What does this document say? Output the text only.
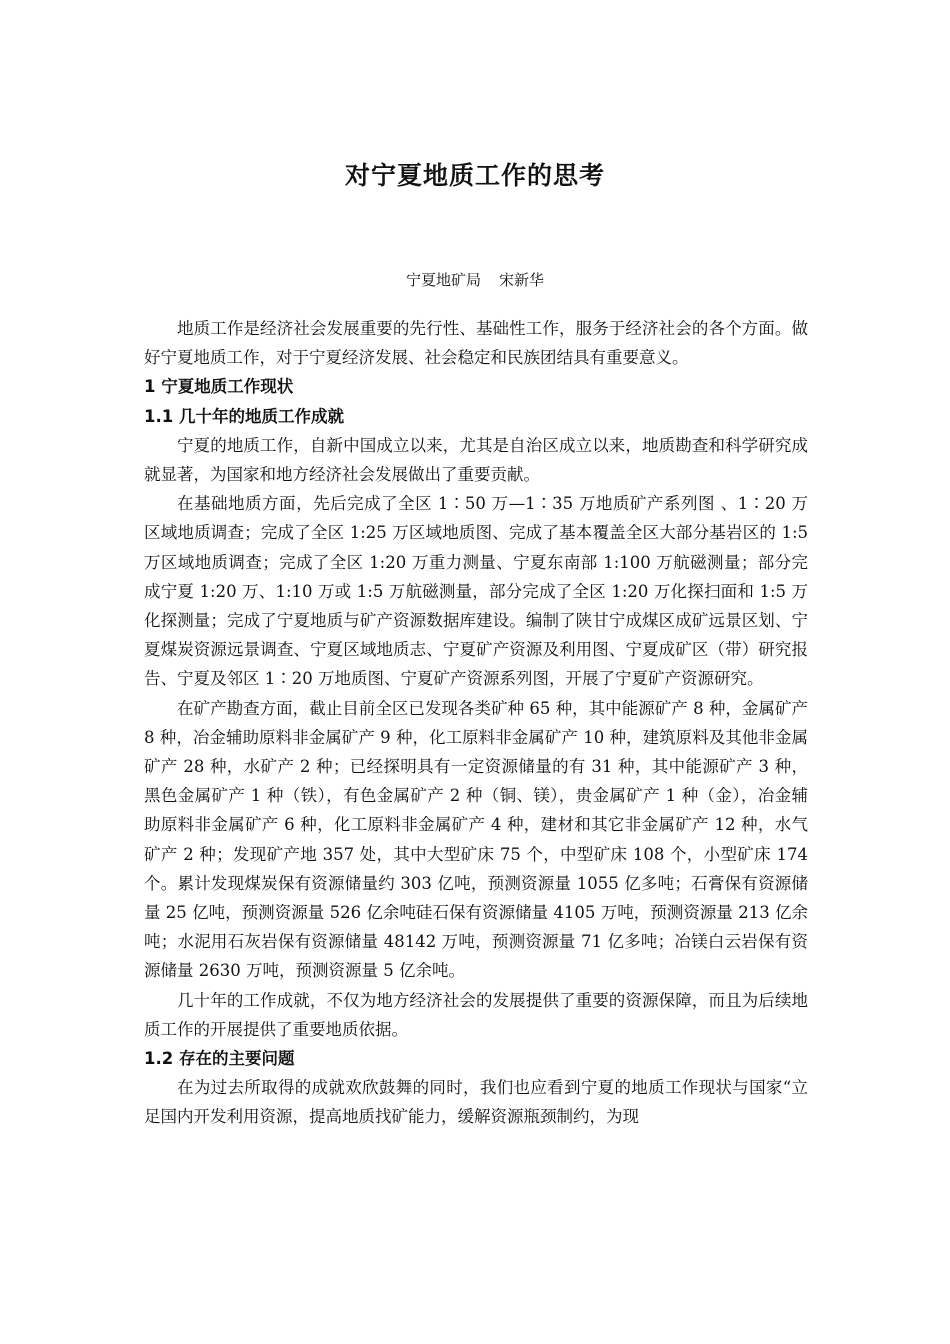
对宁夏地质工作的思考
宁夏地矿局 宋新华

地质工作是经济社会发展重要的先行性、基础性工作，服务于经济社会的各个方面。做好宁夏地质工作，对于宁夏经济发展、社会稳定和民族团结具有重要意义。

1 宁夏地质工作现状
1.1 几十年的地质工作成就

宁夏的地质工作，自新中国成立以来，尤其是自治区成立以来，地质勘查和科学研究成就显著，为国家和地方经济社会发展做出了重要贡献。

在基础地质方面，先后完成了全区 1∶50 万—1∶35 万地质矿产系列图 、1∶20 万区域地质调查；完成了全区 1:25 万区域地质图、完成了基本覆盖全区大部分基岩区的 1:5 万区域地质调查；完成了全区 1:20 万重力测量、宁夏东南部 1:100 万航磁测量；部分完成宁夏 1:20 万、1:10 万或 1:5 万航磁测量，部分完成了全区 1:20 万化探扫面和 1:5 万化探测量；完成了宁夏地质与矿产资源数据库建设。编制了陕甘宁成煤区成矿远景区划、宁夏煤炭资源远景调查、宁夏区域地质志、宁夏矿产资源及利用图、宁夏成矿区（带）研究报告、宁夏及邻区 1∶20 万地质图、宁夏矿产资源系列图，开展了宁夏矿产资源研究。

在矿产勘查方面，截止目前全区已发现各类矿种 65 种，其中能源矿产 8 种，金属矿产 8 种，冶金辅助原料非金属矿产 9 种，化工原料非金属矿产 10 种，建筑原料及其他非金属矿产 28 种，水矿产 2 种；已经探明具有一定资源储量的有 31 种，其中能源矿产 3 种，黑色金属矿产 1 种（铁），有色金属矿产 2 种（铜、镁），贵金属矿产 1 种（金），冶金辅助原料非金属矿产 6 种，化工原料非金属矿产 4 种，建材和其它非金属矿产 12 种，水气矿产 2 种；发现矿产地 357 处，其中大型矿床 75 个，中型矿床 108 个，小型矿床 174 个。累计发现煤炭保有资源储量约 303 亿吨，预测资源量 1055 亿多吨；石膏保有资源储量 25 亿吨，预测资源量 526 亿余吨硅石保有资源储量 4105 万吨，预测资源量 213 亿余吨；水泥用石灰岩保有资源储量 48142 万吨，预测资源量 71 亿多吨；冶镁白云岩保有资源储量 2630 万吨，预测资源量 5 亿余吨。

几十年的工作成就，不仅为地方经济社会的发展提供了重要的资源保障，而且为后续地质工作的开展提供了重要地质依据。

1.2 存在的主要问题

在为过去所取得的成就欢欣鼓舞的同时，我们也应看到宁夏的地质工作现状与国家“立足国内开发利用资源，提高地质找矿能力，缓解资源瓶颈制约，为现
